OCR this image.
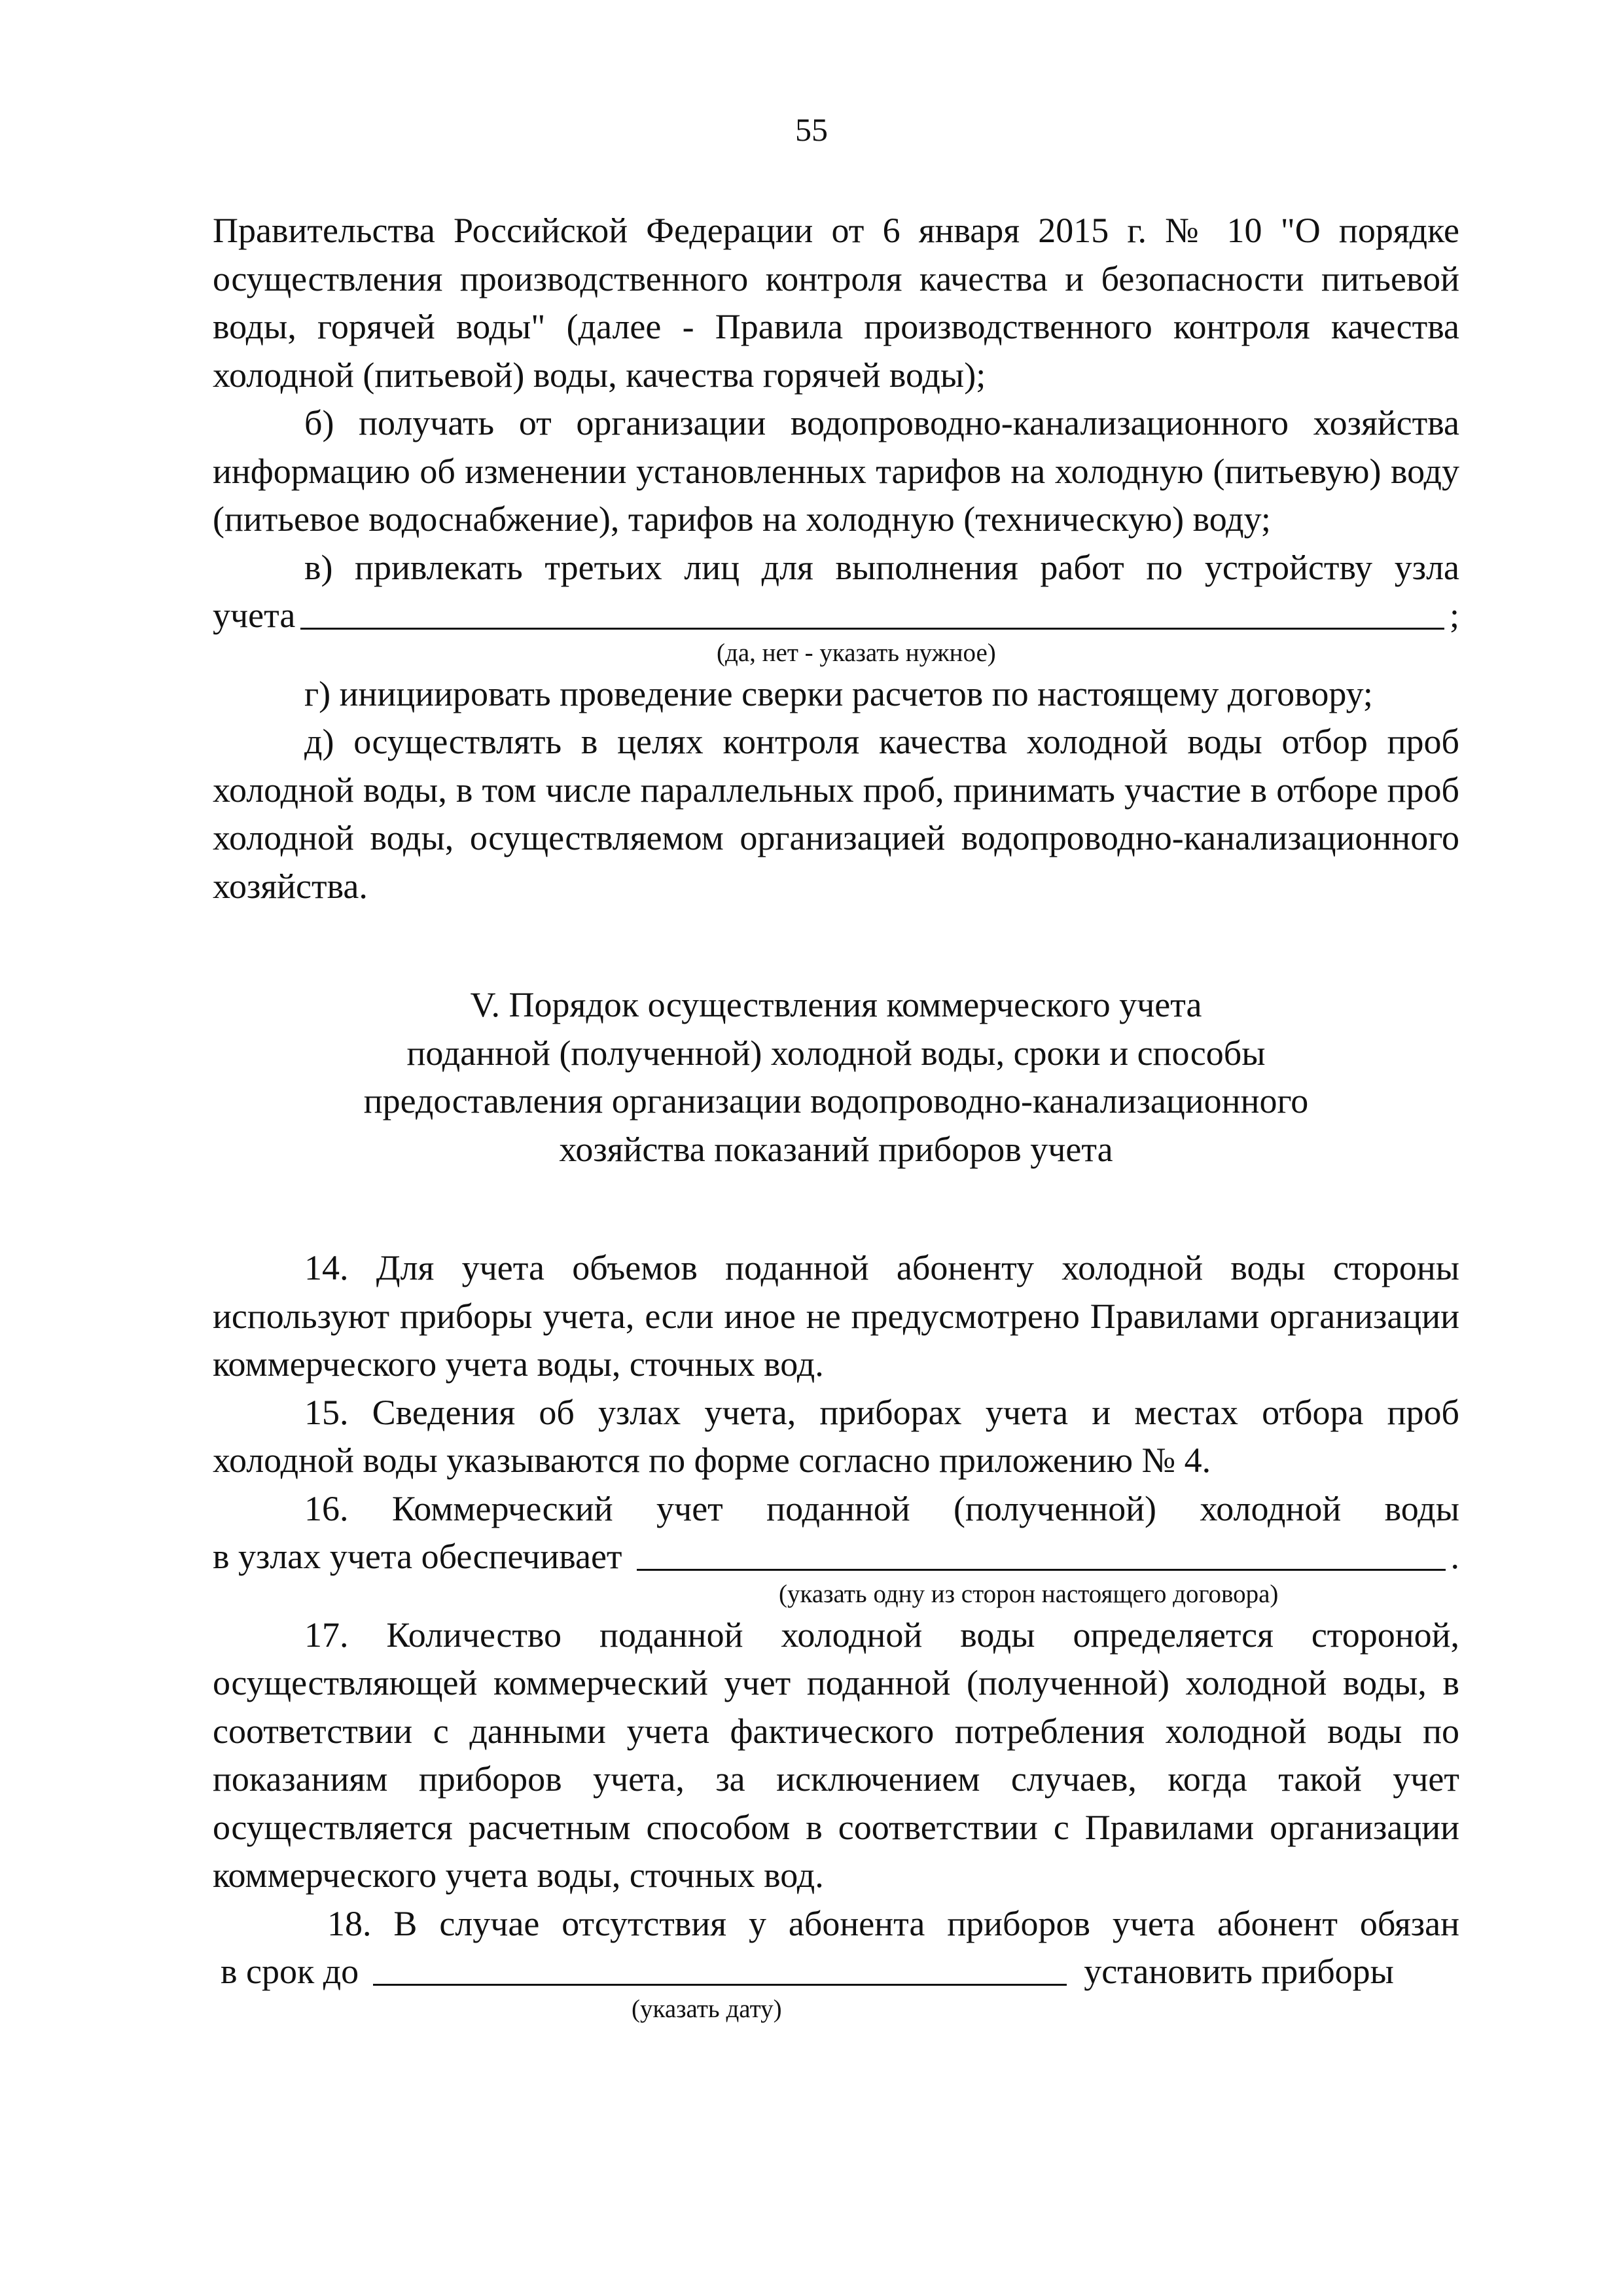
55

Правительства Российской Федерации от 6 января 2015 г. № 10 "О порядке осуществления производственного контроля качества и безопасности питьевой воды, горячей воды" (далее - Правила производственного контроля качества холодной (питьевой) воды, качества горячей воды);

б) получать от организации водопроводно-канализационного хозяйства информацию об изменении установленных тарифов на холодную (питьевую) воду (питьевое водоснабжение), тарифов на холодную (техническую) воду;

в) привлекать третьих лиц для выполнения работ по устройству узла

учета	;
(да, нет - указать нужное)

г) инициировать проведение сверки расчетов по настоящему договору;

д) осуществлять в целях контроля качества холодной воды отбор проб холодной воды, в том числе параллельных проб, принимать участие в отборе проб холодной воды, осуществляемом организацией водопроводно-канализационного хозяйства.

V. Порядок осуществления коммерческого учета
поданной (полученной) холодной воды, сроки и способы
предоставления организации водопроводно-канализационного
хозяйства показаний приборов учета

14. Для учета объемов поданной абоненту холодной воды стороны используют приборы учета, если иное не предусмотрено Правилами организации коммерческого учета воды, сточных вод.

15. Сведения об узлах учета, приборах учета и местах отбора проб холодной воды указываются по форме согласно приложению № 4.

16. Коммерческий учет поданной (полученной) холодной воды

в узлах учета обеспечивает	.
(указать одну из сторон настоящего договора)

17. Количество поданной холодной воды определяется стороной, осуществляющей коммерческий учет поданной (полученной) холодной воды, в соответствии с данными учета фактического потребления холодной воды по показаниям приборов учета, за исключением случаев, когда такой учет осуществляется расчетным способом в соответствии с Правилами организации коммерческого учета воды, сточных вод.

18. В случае отсутствия у абонента приборов учета абонент обязан

в срок до	установить приборы
(указать дату)
